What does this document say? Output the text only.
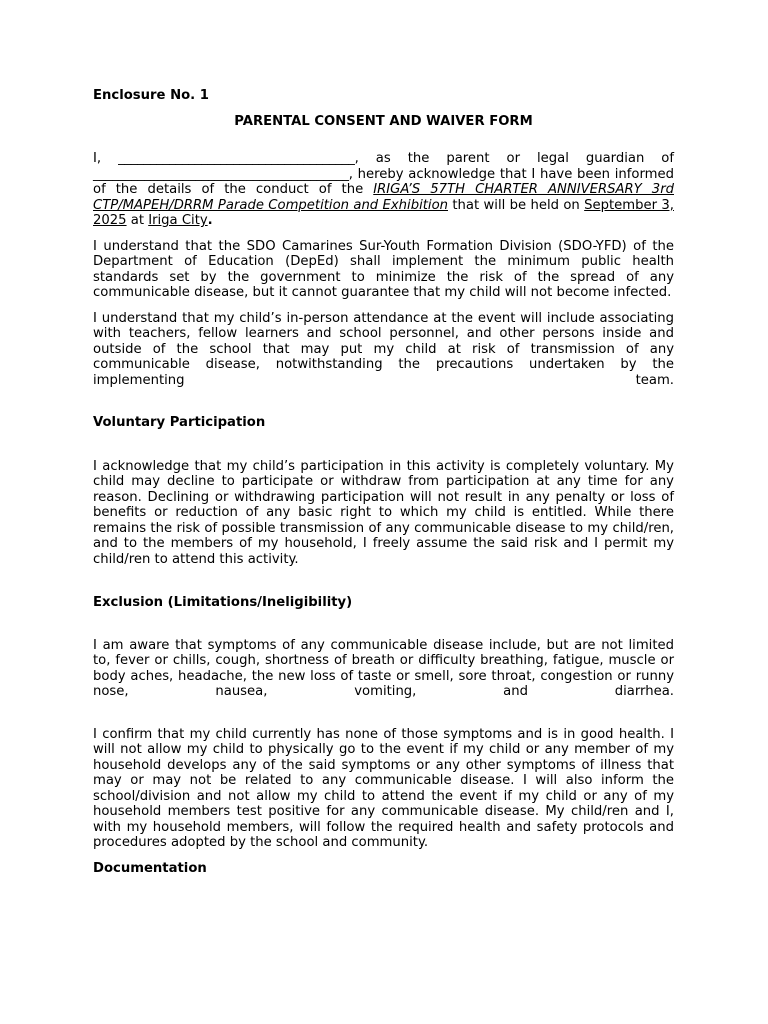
Enclosure No. 1
PARENTAL CONSENT AND WAIVER FORM

I, _____________________________________, as the parent or legal guardian of ________________________________________, hereby acknowledge that I have been informed of the details of the conduct of the IRIGA’S 57TH CHARTER ANNIVERSARY 3rd CTP/MAPEH/DRRM Parade Competition and Exhibition that will be held on September 3, 2025 at Iriga City.

I understand that the SDO Camarines Sur-Youth Formation Division (SDO-YFD) of the Department of Education (DepEd) shall implement the minimum public health standards set by the government to minimize the risk of the spread of any communicable disease, but it cannot guarantee that my child will not become infected.

I understand that my child’s in-person attendance at the event will include associating with teachers, fellow learners and school personnel, and other persons inside and outside of the school that may put my child at risk of transmission of any communicable disease, notwithstanding the precautions undertaken by the implementing team.

Voluntary Participation

I acknowledge that my child’s participation in this activity is completely voluntary. My child may decline to participate or withdraw from participation at any time for any reason. Declining or withdrawing participation will not result in any penalty or loss of benefits or reduction of any basic right to which my child is entitled. While there remains the risk of possible transmission of any communicable disease to my child/ren, and to the members of my household, I freely assume the said risk and I permit my child/ren to attend this activity.

Exclusion (Limitations/Ineligibility)

I am aware that symptoms of any communicable disease include, but are not limited to, fever or chills, cough, shortness of breath or difficulty breathing, fatigue, muscle or body aches, headache, the new loss of taste or smell, sore throat, congestion or runny nose, nausea, vomiting, and diarrhea.

I confirm that my child currently has none of those symptoms and is in good health. I will not allow my child to physically go to the event if my child or any member of my household develops any of the said symptoms or any other symptoms of illness that may or may not be related to any communicable disease. I will also inform the school/division and not allow my child to attend the event if my child or any of my household members test positive for any communicable disease. My child/ren and I, with my household members, will follow the required health and safety protocols and procedures adopted by the school and community.

Documentation
